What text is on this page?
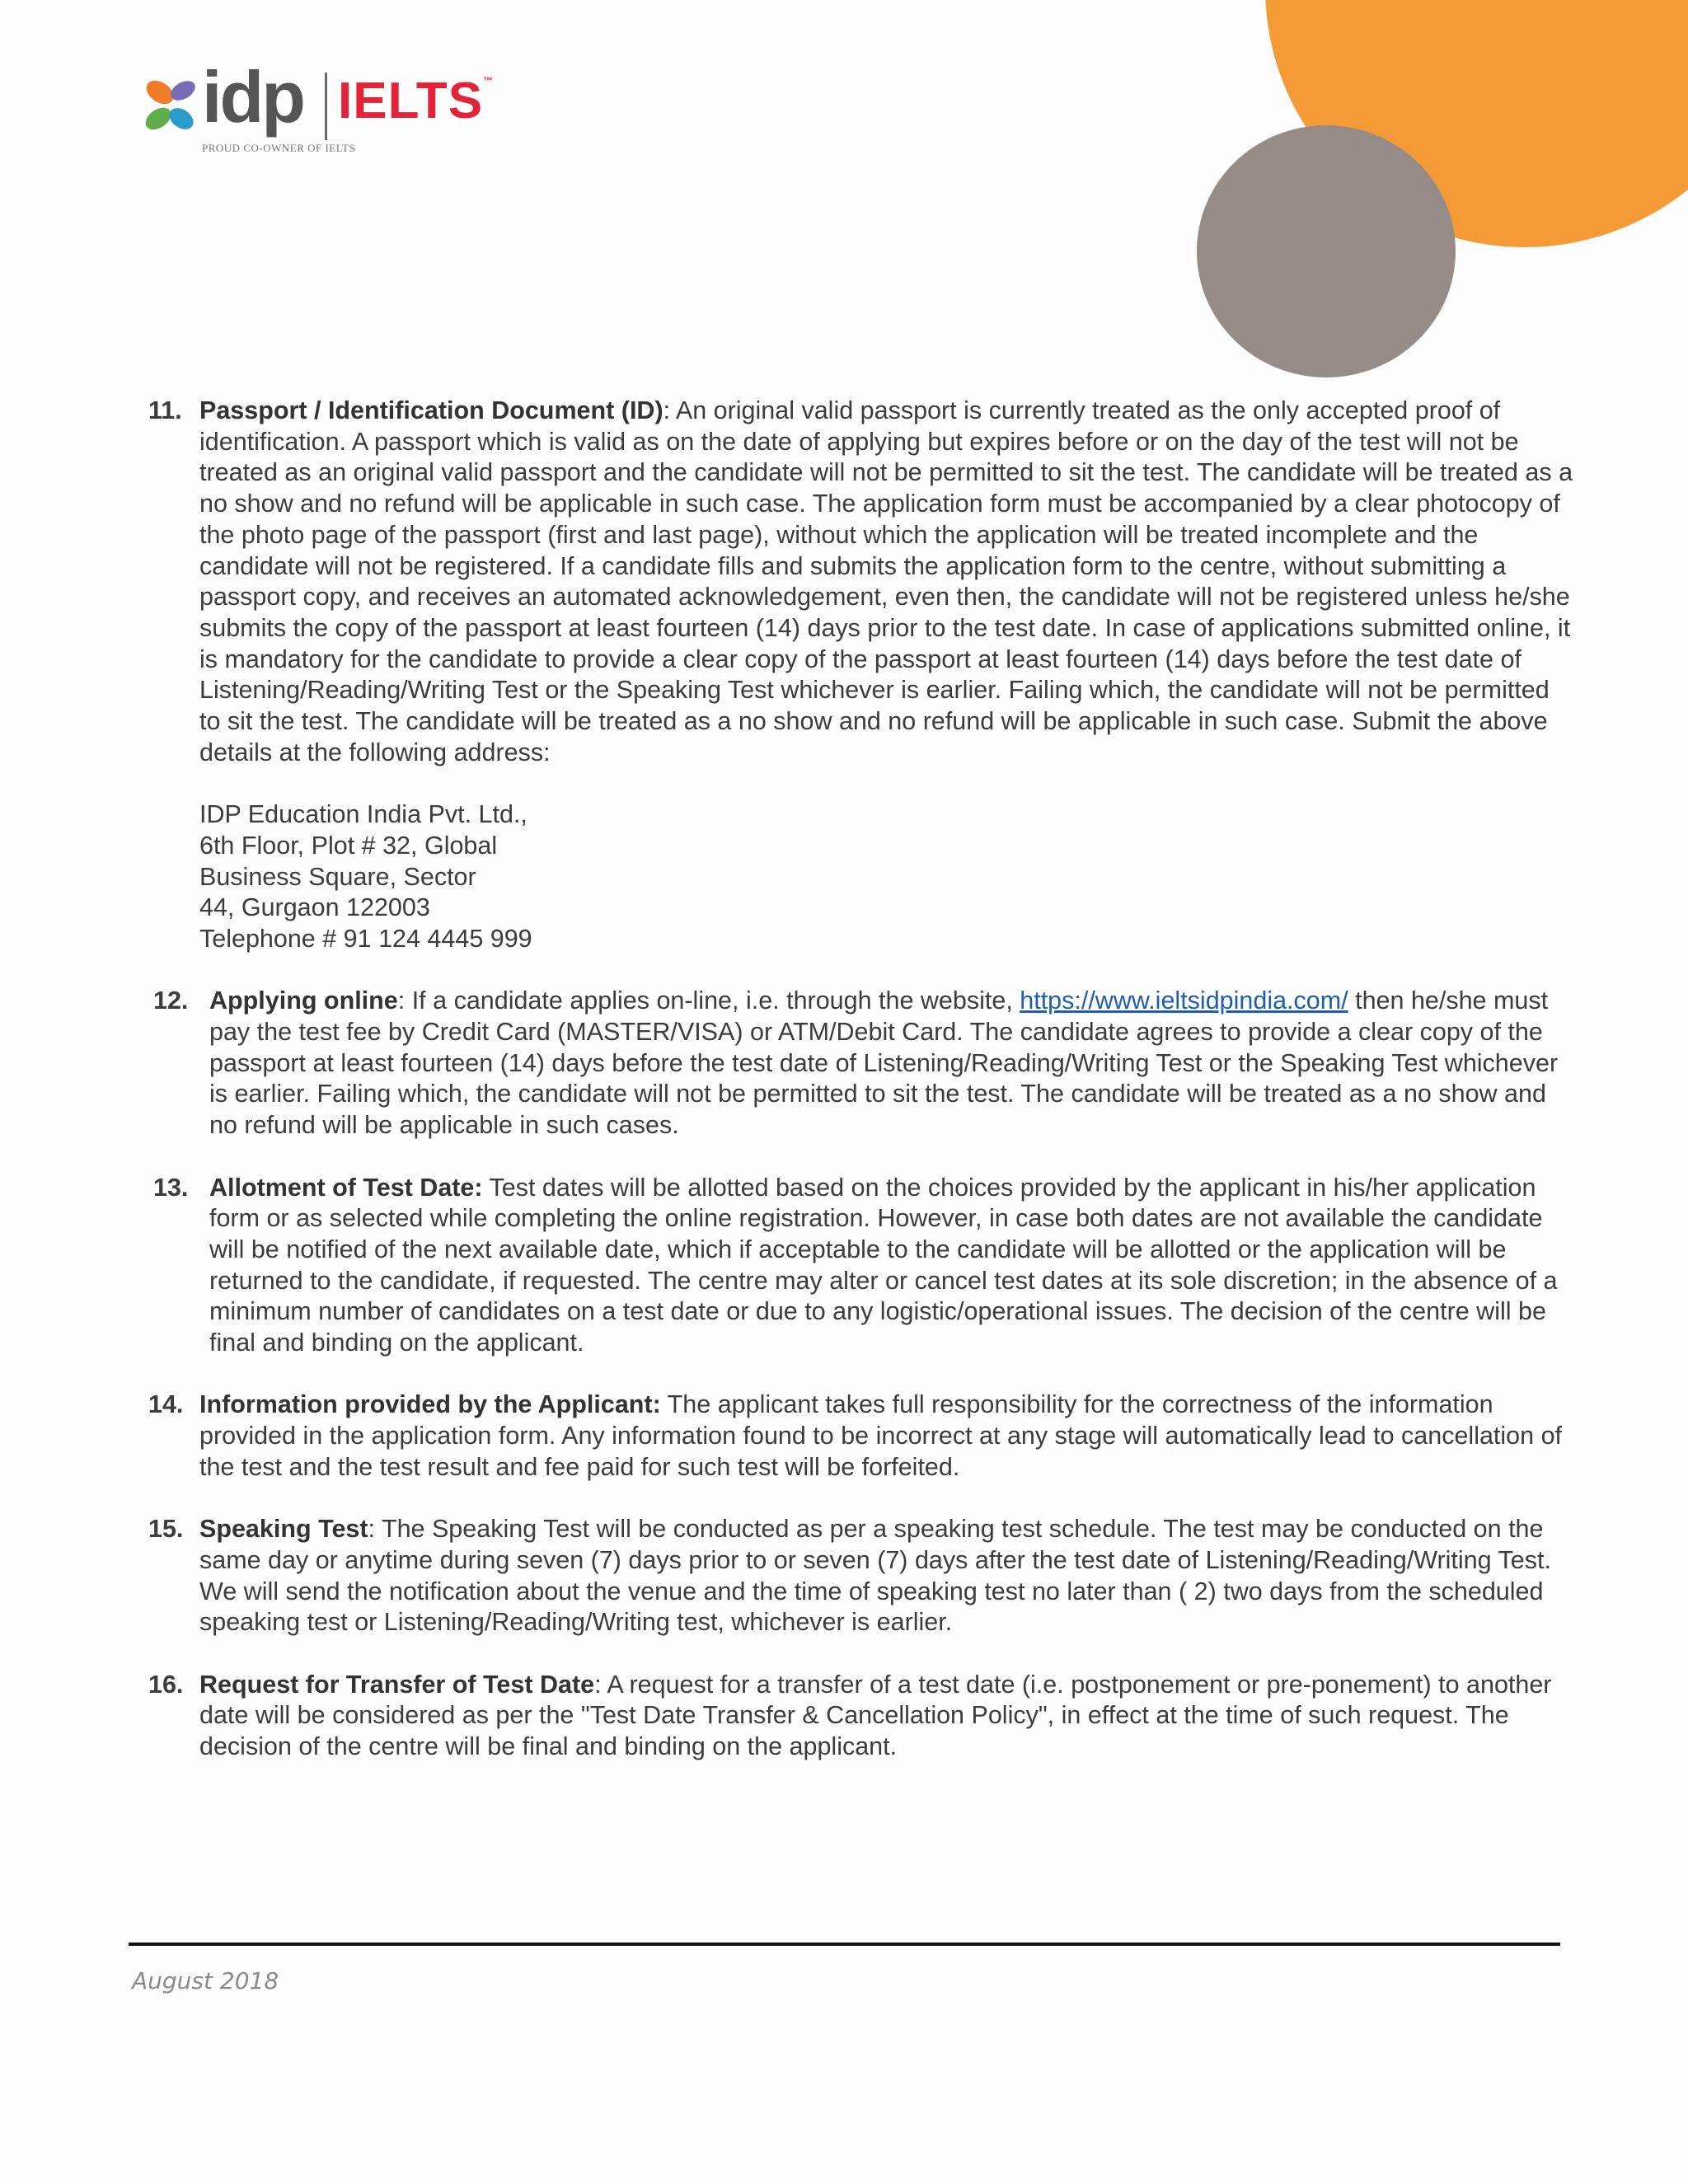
idp IELTS™
PROUD CO-OWNER OF IELTS
11. Passport / Identification Document (ID): An original valid passport is currently treated as the only accepted proof of identification. A passport which is valid as on the date of applying but expires before or on the day of the test will not be treated as an original valid passport and the candidate will not be permitted to sit the test. The candidate will be treated as a no show and no refund will be applicable in such case. The application form must be accompanied by a clear photocopy of the photo page of the passport (first and last page), without which the application will be treated incomplete and the candidate will not be registered. If a candidate fills and submits the application form to the centre, without submitting a passport copy, and receives an automated acknowledgement, even then, the candidate will not be registered unless he/she submits the copy of the passport at least fourteen (14) days prior to the test date. In case of applications submitted online, it is mandatory for the candidate to provide a clear copy of the passport at least fourteen (14) days before the test date of Listening/Reading/Writing Test or the Speaking Test whichever is earlier. Failing which, the candidate will not be permitted to sit the test. The candidate will be treated as a no show and no refund will be applicable in such case. Submit the above details at the following address:
IDP Education India Pvt. Ltd.,
6th Floor, Plot # 32, Global
Business Square, Sector
44, Gurgaon 122003
Telephone # 91 124 4445 999
12. Applying online: If a candidate applies on-line, i.e. through the website, https://www.ieltsidpindia.com/ then he/she must pay the test fee by Credit Card (MASTER/VISA) or ATM/Debit Card. The candidate agrees to provide a clear copy of the passport at least fourteen (14) days before the test date of Listening/Reading/Writing Test or the Speaking Test whichever is earlier. Failing which, the candidate will not be permitted to sit the test. The candidate will be treated as a no show and no refund will be applicable in such cases.
13. Allotment of Test Date: Test dates will be allotted based on the choices provided by the applicant in his/her application form or as selected while completing the online registration. However, in case both dates are not available the candidate will be notified of the next available date, which if acceptable to the candidate will be allotted or the application will be returned to the candidate, if requested. The centre may alter or cancel test dates at its sole discretion; in the absence of a minimum number of candidates on a test date or due to any logistic/operational issues. The decision of the centre will be final and binding on the applicant.
14. Information provided by the Applicant: The applicant takes full responsibility for the correctness of the information provided in the application form. Any information found to be incorrect at any stage will automatically lead to cancellation of the test and the test result and fee paid for such test will be forfeited.
15. Speaking Test: The Speaking Test will be conducted as per a speaking test schedule. The test may be conducted on the same day or anytime during seven (7) days prior to or seven (7) days after the test date of Listening/Reading/Writing Test. We will send the notification about the venue and the time of speaking test no later than ( 2) two days from the scheduled speaking test or Listening/Reading/Writing test, whichever is earlier.
16. Request for Transfer of Test Date: A request for a transfer of a test date (i.e. postponement or pre-ponement) to another date will be considered as per the "Test Date Transfer & Cancellation Policy", in effect at the time of such request. The decision of the centre will be final and binding on the applicant.
August 2018
